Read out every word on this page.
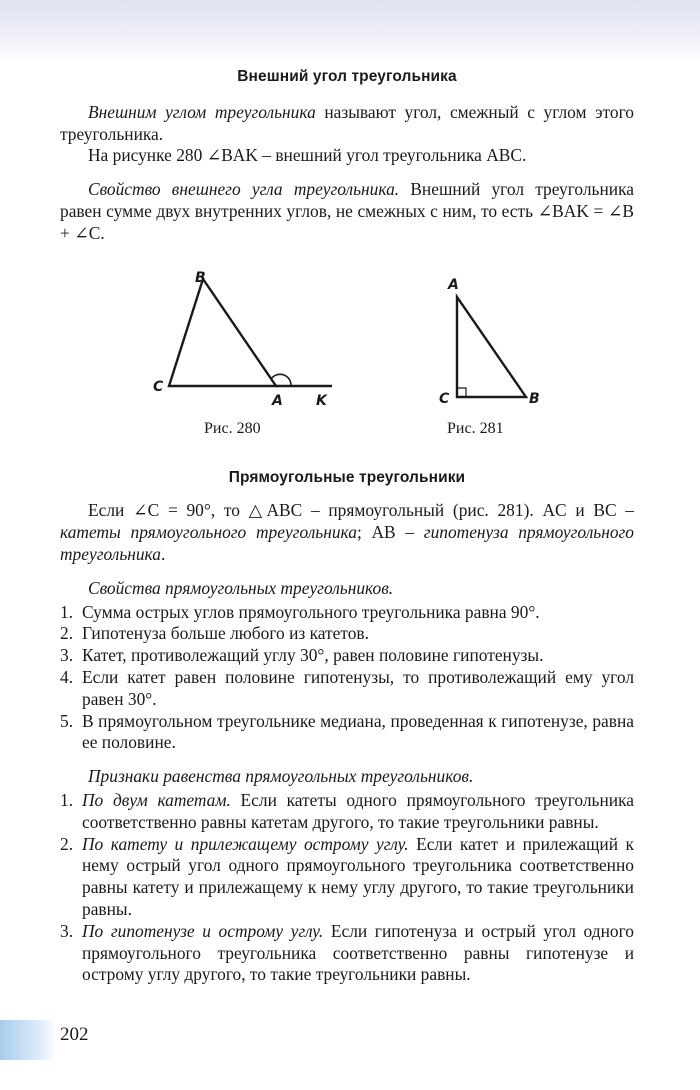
Внешний угол треугольника

Внешним углом треугольника называют угол, смежный с углом этого треугольника.

На рисунке 280 ∠BAK – внешний угол треугольника ABC.

Свойство внешнего угла треугольника. Внешний угол треугольника равен сумме двух внутренних углов, не смежных с ним, то есть ∠BAK = ∠B + ∠C.

B
C
A K
Рис. 280
A
C	B
Рис. 281
Прямоугольные треугольники

Если ∠C = 90°, то △ABC – прямоугольный (рис. 281). AC и BC – катеты прямоугольного треугольника; AB – гипотенуза прямоугольного треугольника.

Свойства прямоугольных треугольников.

1. Сумма острых углов прямоугольного треугольника равна 90°.
2. Гипотенуза больше любого из катетов.
3. Катет, противолежащий углу 30°, равен половине гипотенузы.
4. Если катет равен половине гипотенузы, то противолежащий ему угол равен 30°.
5. В прямоугольном треугольнике медиана, проведенная к гипотенузе, равна ее половине.

Признаки равенства прямоугольных треугольников.

1. По двум катетам. Если катеты одного прямоугольного треугольника соответственно равны катетам другого, то такие треугольники равны.
2. По катету и прилежащему острому углу. Если катет и прилежащий к нему острый угол одного прямоугольного треугольника соответственно равны катету и прилежащему к нему углу другого, то такие треугольники равны.
3. По гипотенузе и острому углу. Если гипотенуза и острый угол одного прямоугольного треугольника соответственно равны гипотенузе и острому углу другого, то такие треугольники равны.
202
